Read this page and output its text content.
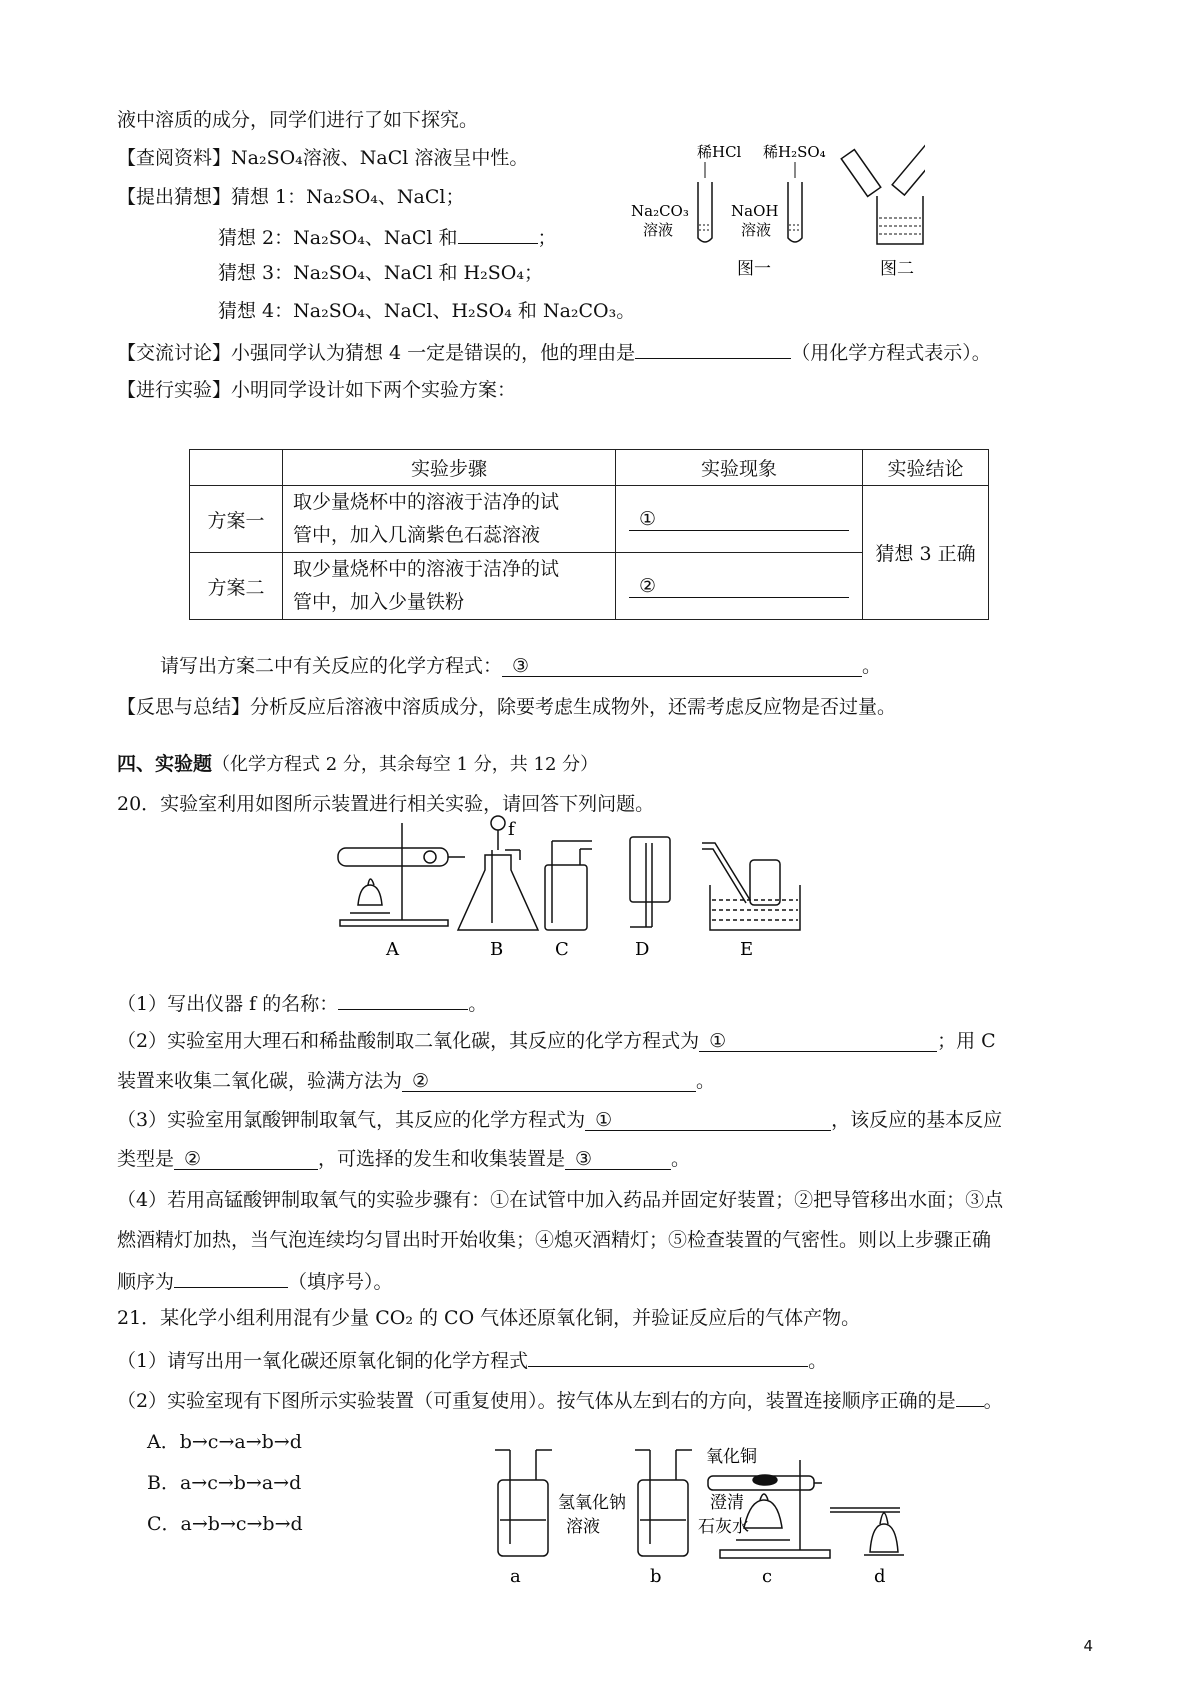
液中溶质的成分，同学们进行了如下探究。
【查阅资料】Na₂SO₄溶液、NaCl 溶液呈中性。
【提出猜想】猜想 1：Na₂SO₄、NaCl；
猜想 2：Na₂SO₄、NaCl 和	；
猜想 3：Na₂SO₄、NaCl 和 H₂SO₄；
猜想 4：Na₂SO₄、NaCl、H₂SO₄ 和 Na₂CO₃。
【交流讨论】小强同学认为猜想 4 一定是错误的，他的理由是	（用化学方程式表示）。
【进行实验】小明同学设计如下两个实验方案：
稀HCl
Na₂CO₃
溶液
稀H₂SO₄
NaOH
溶液
图一	图二
	实验步骤	实验现象	实验结论
方案一	取少量烧杯中的溶液于洁净的试
管中，加入几滴紫色石蕊溶液	①	猜想 3 正确
方案二	取少量烧杯中的溶液于洁净的试
管中，加入少量铁粉	②	
请写出方案二中有关反应的化学方程式： ③	。
【反思与总结】分析反应后溶液中溶质成分，除要考虑生成物外，还需考虑反应物是否过量。
四、实验题（化学方程式 2 分，其余每空 1 分，共 12 分）
20．实验室利用如图所示装置进行相关实验，请回答下列问题。
A
f
B	C	D	E
（1）写出仪器 f 的名称：	。
（2）实验室用大理石和稀盐酸制取二氧化碳，其反应的化学方程式为 ①	；用 C
装置来收集二氧化碳，验满方法为 ②	。
（3）实验室用氯酸钾制取氧气，其反应的化学方程式为 ①	，该反应的基本反应
类型是 ②	，可选择的发生和收集装置是 ③	。
（4）若用高锰酸钾制取氧气的实验步骤有：①在试管中加入药品并固定好装置；②把导管移出水面；③点
燃酒精灯加热，当气泡连续均匀冒出时开始收集；④熄灭酒精灯；⑤检查装置的气密性。则以上步骤正确
顺序为	（填序号）。
21．某化学小组利用混有少量 CO₂ 的 CO 气体还原氧化铜，并验证反应后的气体产物。
（1）请写出用一氧化碳还原氧化铜的化学方程式	。
（2）实验室现有下图所示实验装置（可重复使用）。按气体从左到右的方向，装置连接顺序正确的是 。
A．b→c→a→b→d
B．a→c→b→a→d
C．a→b→c→b→d
氢氧化钠
溶液
a
澄清
石灰水
b
氧化铜
c	d
4
